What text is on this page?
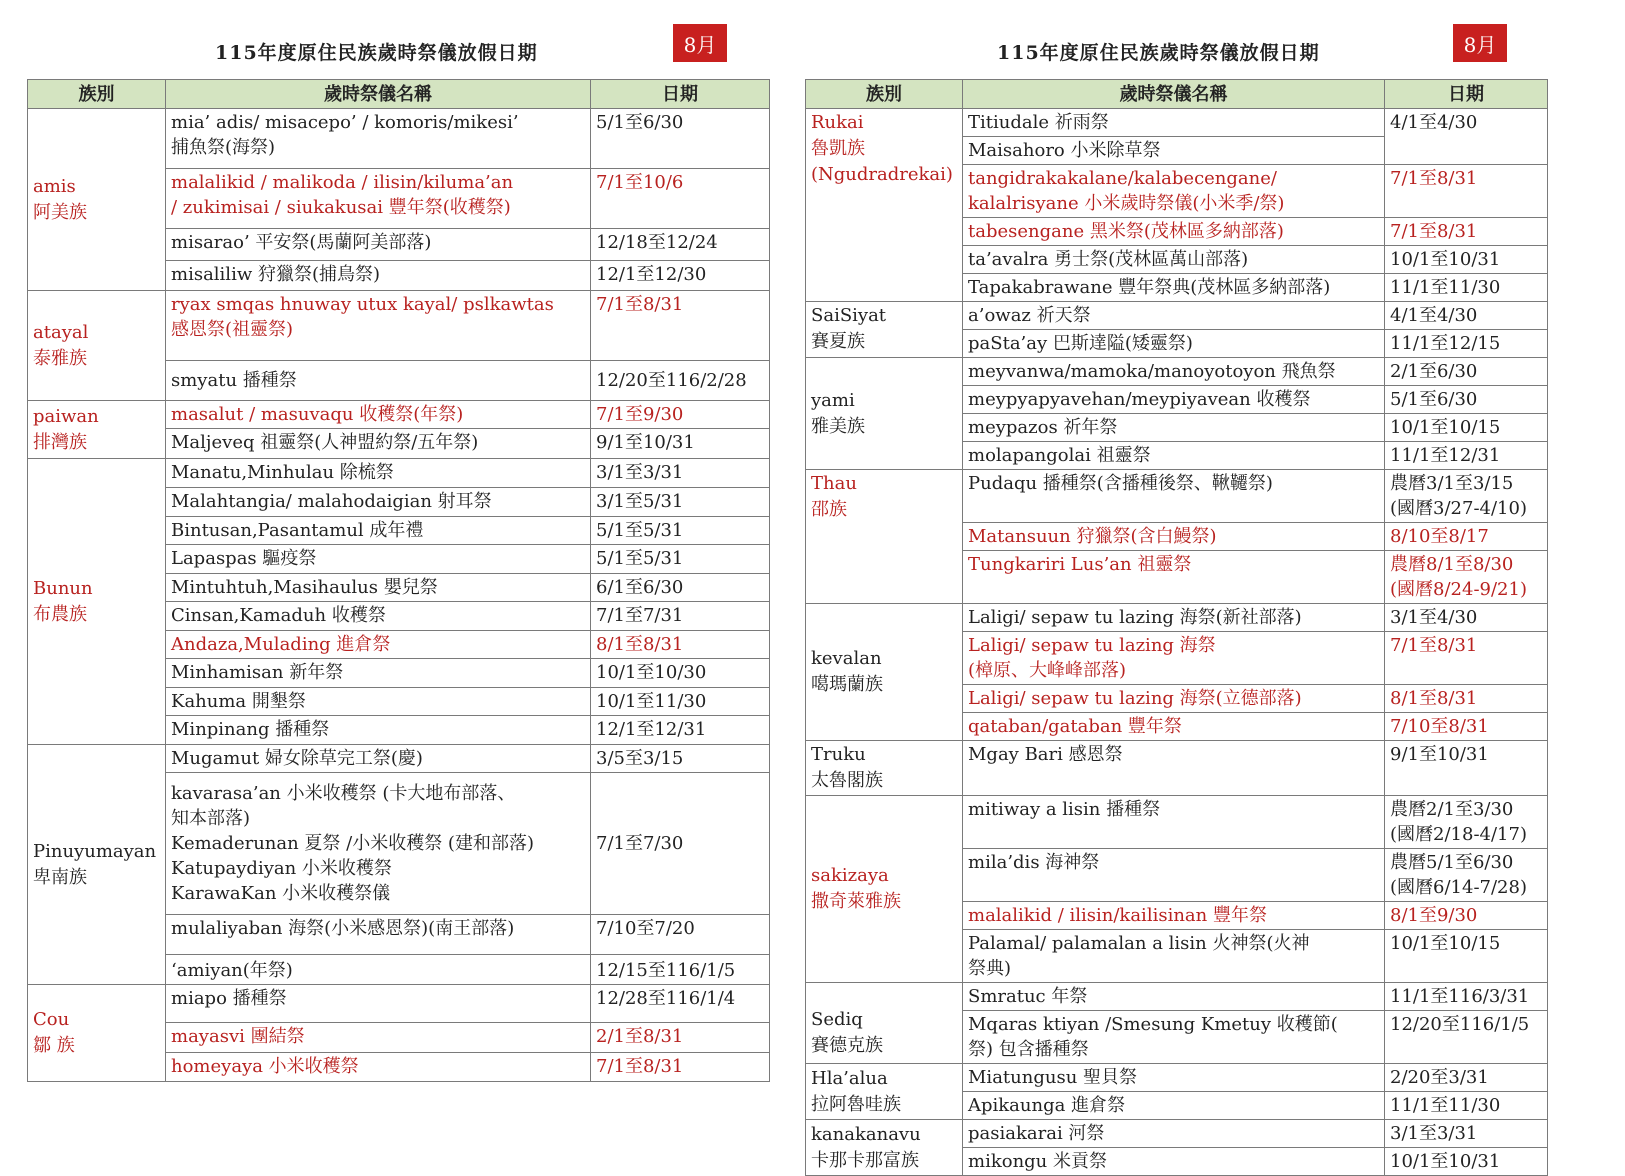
115年度原住民族歲時祭儀放假日期	8月
族別	歲時祭儀名稱	日期

amis
阿美族	mia’ adis/ misacepo’ / komoris/mikesi’
捕魚祭(海祭)	5/1至6/30

	malalikid / malikoda / ilisin/kiluma’an
/ zukimisai / siukakusai 豐年祭(收穫祭)	7/1至10/6

	misarao’ 平安祭(馬蘭阿美部落)	12/18至12/24

	misaliliw 狩獵祭(捕鳥祭)	12/1至12/30

atayal
泰雅族	ryax smqas hnuway utux kayal/ pslkawtas
感恩祭(祖靈祭)	7/1至8/31

	smyatu 播種祭	12/20至116/2/28

paiwan
排灣族	masalut / masuvaqu 收穫祭(年祭)	7/1至9/30

	Maljeveq 祖靈祭(人神盟約祭/五年祭)	9/1至10/31

Bunun
布農族	Manatu,Minhulau 除梳祭	3/1至3/31

	Malahtangia/ malahodaigian 射耳祭	3/1至5/31

	Bintusan,Pasantamul 成年禮	5/1至5/31

	Lapaspas 驅疫祭	5/1至5/31

	Mintuhtuh,Masihaulus 嬰兒祭	6/1至6/30

	Cinsan,Kamaduh 收穫祭	7/1至7/31

	Andaza,Mulading 進倉祭	8/1至8/31

	Minhamisan 新年祭	10/1至10/30

	Kahuma 開墾祭	10/1至11/30

	Minpinang 播種祭	12/1至12/31

Pinuyumayan
卑南族	Mugamut 婦女除草完工祭(慶)	3/5至3/15

	kavarasa’an 小米收穫祭 (卡大地布部落、
知本部落)
Kemaderunan 夏祭 /小米收穫祭 (建和部落)
Katupaydiyan 小米收穫祭
KarawaKan 小米收穫祭儀	7/1至7/30

	mulaliyaban 海祭(小米感恩祭)(南王部落)	7/10至7/20

	‘amiyan(年祭)	12/15至116/1/5

Cou
鄒 族	miapo 播種祭	12/28至116/1/4

	mayasvi 團結祭	2/1至8/31

	homeyaya 小米收穫祭	7/1至8/31
115年度原住民族歲時祭儀放假日期	8月
族別	歲時祭儀名稱	日期

Rukai
魯凱族
(Ngudradrekai)	Titiudale 祈雨祭	4/1至4/30

	Maisahoro 小米除草祭	

	tangidrakakalane/kalabecengane/
kalalrisyane 小米歲時祭儀(小米季/祭)	7/1至8/31

	tabesengane 黑米祭(茂林區多納部落)	7/1至8/31

	ta’avalra 勇士祭(茂林區萬山部落)	10/1至10/31

	Tapakabrawane 豐年祭典(茂林區多納部落)	11/1至11/30

SaiSiyat
賽夏族	a’owaz 祈天祭	4/1至4/30

	paSta’ay 巴斯達隘(矮靈祭)	11/1至12/15

yami
雅美族	meyvanwa/mamoka/manoyotoyon 飛魚祭	2/1至6/30

	meypyapyavehan/meypiyavean 收穫祭	5/1至6/30

	meypazos 祈年祭	10/1至10/15

	molapangolai 祖靈祭	11/1至12/31

Thau
邵族	Pudaqu 播種祭(含播種後祭、鞦韆祭)	農曆3/1至3/15
(國曆3/27-4/10)

	Matansuun 狩獵祭(含白鰻祭)	8/10至8/17

	Tungkariri Lus’an 祖靈祭	農曆8/1至8/30
(國曆8/24-9/21)

kevalan
噶瑪蘭族	Laligi/ sepaw tu lazing 海祭(新社部落)	3/1至4/30

	Laligi/ sepaw tu lazing 海祭
(樟原、大峰峰部落)	7/1至8/31

	Laligi/ sepaw tu lazing 海祭(立德部落)	8/1至8/31

	qataban/gataban 豐年祭	7/10至8/31

Truku
太魯閣族	Mgay Bari 感恩祭	9/1至10/31

sakizaya
撒奇萊雅族	mitiway a lisin 播種祭	農曆2/1至3/30
(國曆2/18-4/17)

	mila’dis 海神祭	農曆5/1至6/30
(國曆6/14-7/28)

	malalikid / ilisin/kailisinan 豐年祭	8/1至9/30

	Palamal/ palamalan a lisin 火神祭(火神
祭典)	10/1至10/15

Sediq
賽德克族	Smratuc 年祭	11/1至116/3/31

	Mqaras ktiyan /Smesung Kmetuy 收穫節(
祭) 包含播種祭	12/20至116/1/5

Hla’alua
拉阿魯哇族	Miatungusu 聖貝祭	2/20至3/31

	Apikaunga 進倉祭	11/1至11/30

kanakanavu
卡那卡那富族	pasiakarai 河祭	3/1至3/31

	mikongu 米貢祭	10/1至10/31
